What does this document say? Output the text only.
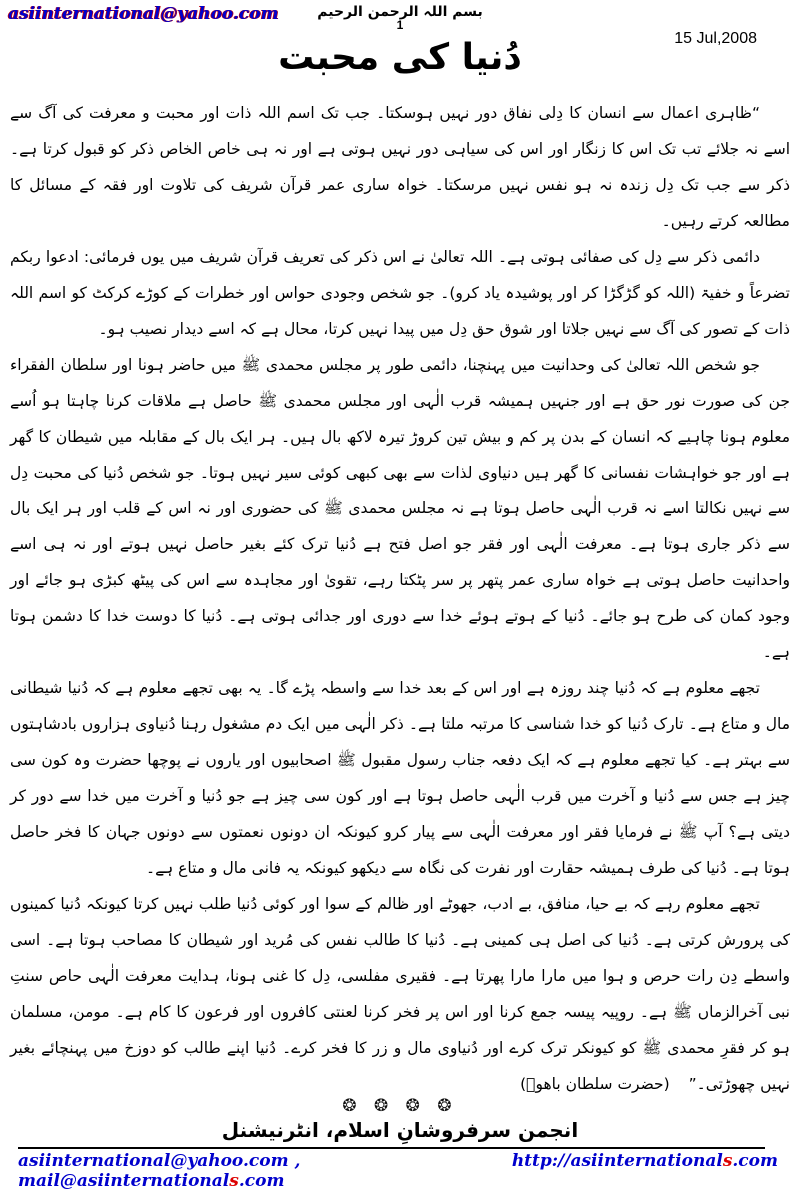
asiinternational@yahoo.com	بسم اللہ الرحمن الرحیم
1
دُنیا کی محبت	15 Jul,2008

“ظاہری اعمال سے انسان کا دِلی نفاق دور نہیں ہوسکتا۔ جب تک اسم اللہ ذات اور محبت و معرفت کی آگ سے اسے نہ جلائے تب تک اس کا زنگار اور اس کی سیاہی دور نہیں ہوتی ہے اور نہ ہی خاص الخاص ذکر کو قبول کرتا ہے۔ ذکر سے جب تک دِل زندہ نہ ہو نفس نہیں مرسکتا۔ خواہ ساری عمر قرآن شریف کی تلاوت اور فقہ کے مسائل کا مطالعہ کرتے رہیں۔

دائمی ذکر سے دِل کی صفائی ہوتی ہے۔ اللہ تعالیٰ نے اس ذکر کی تعریف قرآن شریف میں یوں فرمائی: ادعوا ربکم تضرعاً و خفیۃ (اللہ کو گڑگڑا کر اور پوشیدہ یاد کرو)۔ جو شخص وجودی حواس اور خطرات کے کوڑے کرکٹ کو اسم اللہ ذات کے تصور کی آگ سے نہیں جلاتا اور شوق حق دِل میں پیدا نہیں کرتا، محال ہے کہ اسے دیدار نصیب ہو۔

جو شخص اللہ تعالیٰ کی وحدانیت میں پہنچنا، دائمی طور پر مجلس محمدی ﷺ میں حاضر ہونا اور سلطان الفقراء جن کی صورت نور حق ہے اور جنہیں ہمیشہ قرب الٰہی اور مجلس محمدی ﷺ حاصل ہے ملاقات کرنا چاہتا ہو اُسے معلوم ہونا چاہیے کہ انسان کے بدن پر کم و بیش تین کروڑ تیرہ لاکھ بال ہیں۔ ہر ایک بال کے مقابلہ میں شیطان کا گھر ہے اور جو خواہشات نفسانی کا گھر ہیں دنیاوی لذات سے بھی کبھی کوئی سیر نہیں ہوتا۔ جو شخص دُنیا کی محبت دِل سے نہیں نکالتا اسے نہ قرب الٰہی حاصل ہوتا ہے نہ مجلس محمدی ﷺ کی حضوری اور نہ اس کے قلب اور ہر ایک بال سے ذکر جاری ہوتا ہے۔ معرفت الٰہی اور فقر جو اصل فتح ہے دُنیا ترک کئے بغیر حاصل نہیں ہوتے اور نہ ہی اسے واحدانیت حاصل ہوتی ہے خواہ ساری عمر پتھر پر سر پٹکتا رہے، تقویٰ اور مجاہدہ سے اس کی پیٹھ کبڑی ہو جائے اور وجود کمان کی طرح ہو جائے۔ دُنیا کے ہوتے ہوئے خدا سے دوری اور جدائی ہوتی ہے۔ دُنیا کا دوست خدا کا دشمن ہوتا ہے۔

تجھے معلوم ہے کہ دُنیا چند روزہ ہے اور اس کے بعد خدا سے واسطہ پڑے گا۔ یہ بھی تجھے معلوم ہے کہ دُنیا شیطانی مال و متاع ہے۔ تارک دُنیا کو خدا شناسی کا مرتبہ ملتا ہے۔ ذکر الٰہی میں ایک دم مشغول رہنا دُنیاوی ہزاروں بادشاہتوں سے بہتر ہے۔ کیا تجھے معلوم ہے کہ ایک دفعہ جناب رسول مقبول ﷺ اصحابیوں اور یاروں نے پوچھا حضرت وہ کون سی چیز ہے جس سے دُنیا و آخرت میں قرب الٰہی حاصل ہوتا ہے اور کون سی چیز ہے جو دُنیا و آخرت میں خدا سے دور کر دیتی ہے؟ آپ ﷺ نے فرمایا فقر اور معرفت الٰہی سے پیار کرو کیونکہ ان دونوں نعمتوں سے دونوں جہان کا فخر حاصل ہوتا ہے۔ دُنیا کی طرف ہمیشہ حقارت اور نفرت کی نگاہ سے دیکھو کیونکہ یہ فانی مال و متاع ہے۔

تجھے معلوم رہے کہ بے حیا، منافق، بے ادب، جھوٹے اور ظالم کے سوا اور کوئی دُنیا طلب نہیں کرتا کیونکہ دُنیا کمینوں کی پرورش کرتی ہے۔ دُنیا کی اصل ہی کمینی ہے۔ دُنیا کا طالب نفس کی مُرید اور شیطان کا مصاحب ہوتا ہے۔ اسی واسطے دِن رات حرص و ہوا میں مارا مارا پھرتا ہے۔ فقیری مفلسی، دِل کا غنی ہونا، ہدایت معرفت الٰہی حاص سنتِ نبی آخرالزماں ﷺ ہے۔ روپیہ پیسہ جمع کرنا اور اس پر فخر کرنا لعنتی کافروں اور فرعون کا کام ہے۔ مومن، مسلمان ہو کر فقرِ محمدی ﷺ کو کیونکر ترک کرے اور دُنیاوی مال و زر کا فخر کرے۔ دُنیا اپنے طالب کو دوزخ میں پہنچائے بغیر نہیں چھوڑتی۔” (حضرت سلطان باھوؒ)

❂ ❂ ❂ ❂
انجمن سرفروشانِ اسلام، انٹرنیشنل
asiinternational@yahoo.com , mail@asiinternationals.com
http://asiinternationals.com
